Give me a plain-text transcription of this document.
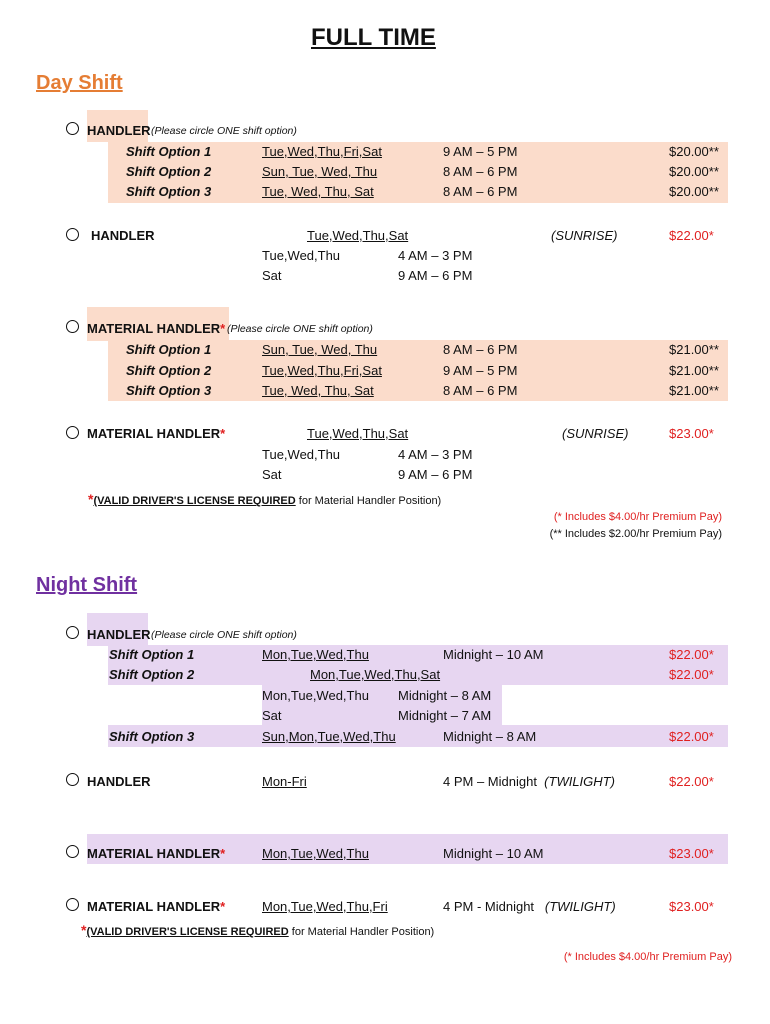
FULL TIME
Day Shift
HANDLER (Please circle ONE shift option)
Shift Option 1	Tue,Wed,Thu,Fri,Sat	9 AM – 5 PM	$20.00**
Shift Option 2	Sun, Tue, Wed, Thu	8 AM – 6 PM	$20.00**
Shift Option 3	Tue, Wed, Thu, Sat	8 AM – 6 PM	$20.00**
HANDLER	Tue,Wed,Thu,Sat	(SUNRISE)	$22.00*
Tue,Wed,Thu	4 AM – 3 PM
Sat	9 AM – 6 PM
MATERIAL HANDLER* (Please circle ONE shift option)
Shift Option 1	Sun, Tue, Wed, Thu	8 AM – 6 PM	$21.00**
Shift Option 2	Tue,Wed,Thu,Fri,Sat	9 AM – 5 PM	$21.00**
Shift Option 3	Tue, Wed, Thu, Sat	8 AM – 6 PM	$21.00**
MATERIAL HANDLER*	Tue,Wed,Thu,Sat	(SUNRISE)	$23.00*
Tue,Wed,Thu	4 AM – 3 PM
Sat	9 AM – 6 PM
*(VALID DRIVER'S LICENSE REQUIRED for Material Handler Position)
(* Includes $4.00/hr Premium Pay)
(** Includes $2.00/hr Premium Pay)
Night Shift
HANDLER (Please circle ONE shift option)
Shift Option 1	Mon,Tue,Wed,Thu	Midnight – 10 AM	$22.00*
Shift Option 2	Mon,Tue,Wed,Thu,Sat	$22.00*
Mon,Tue,Wed,Thu Midnight – 8 AM
Sat	Midnight – 7 AM
Shift Option 3	Sun,Mon,Tue,Wed,Thu	Midnight – 8 AM	$22.00*
HANDLER	Mon-Fri	4 PM – Midnight (TWILIGHT)	$22.00*
MATERIAL HANDLER*	Mon,Tue,Wed,Thu	Midnight – 10 AM	$23.00*
MATERIAL HANDLER*	Mon,Tue,Wed,Thu,Fri	4 PM - Midnight (TWILIGHT)	$23.00*
*(VALID DRIVER'S LICENSE REQUIRED for Material Handler Position)
(* Includes $4.00/hr Premium Pay)
